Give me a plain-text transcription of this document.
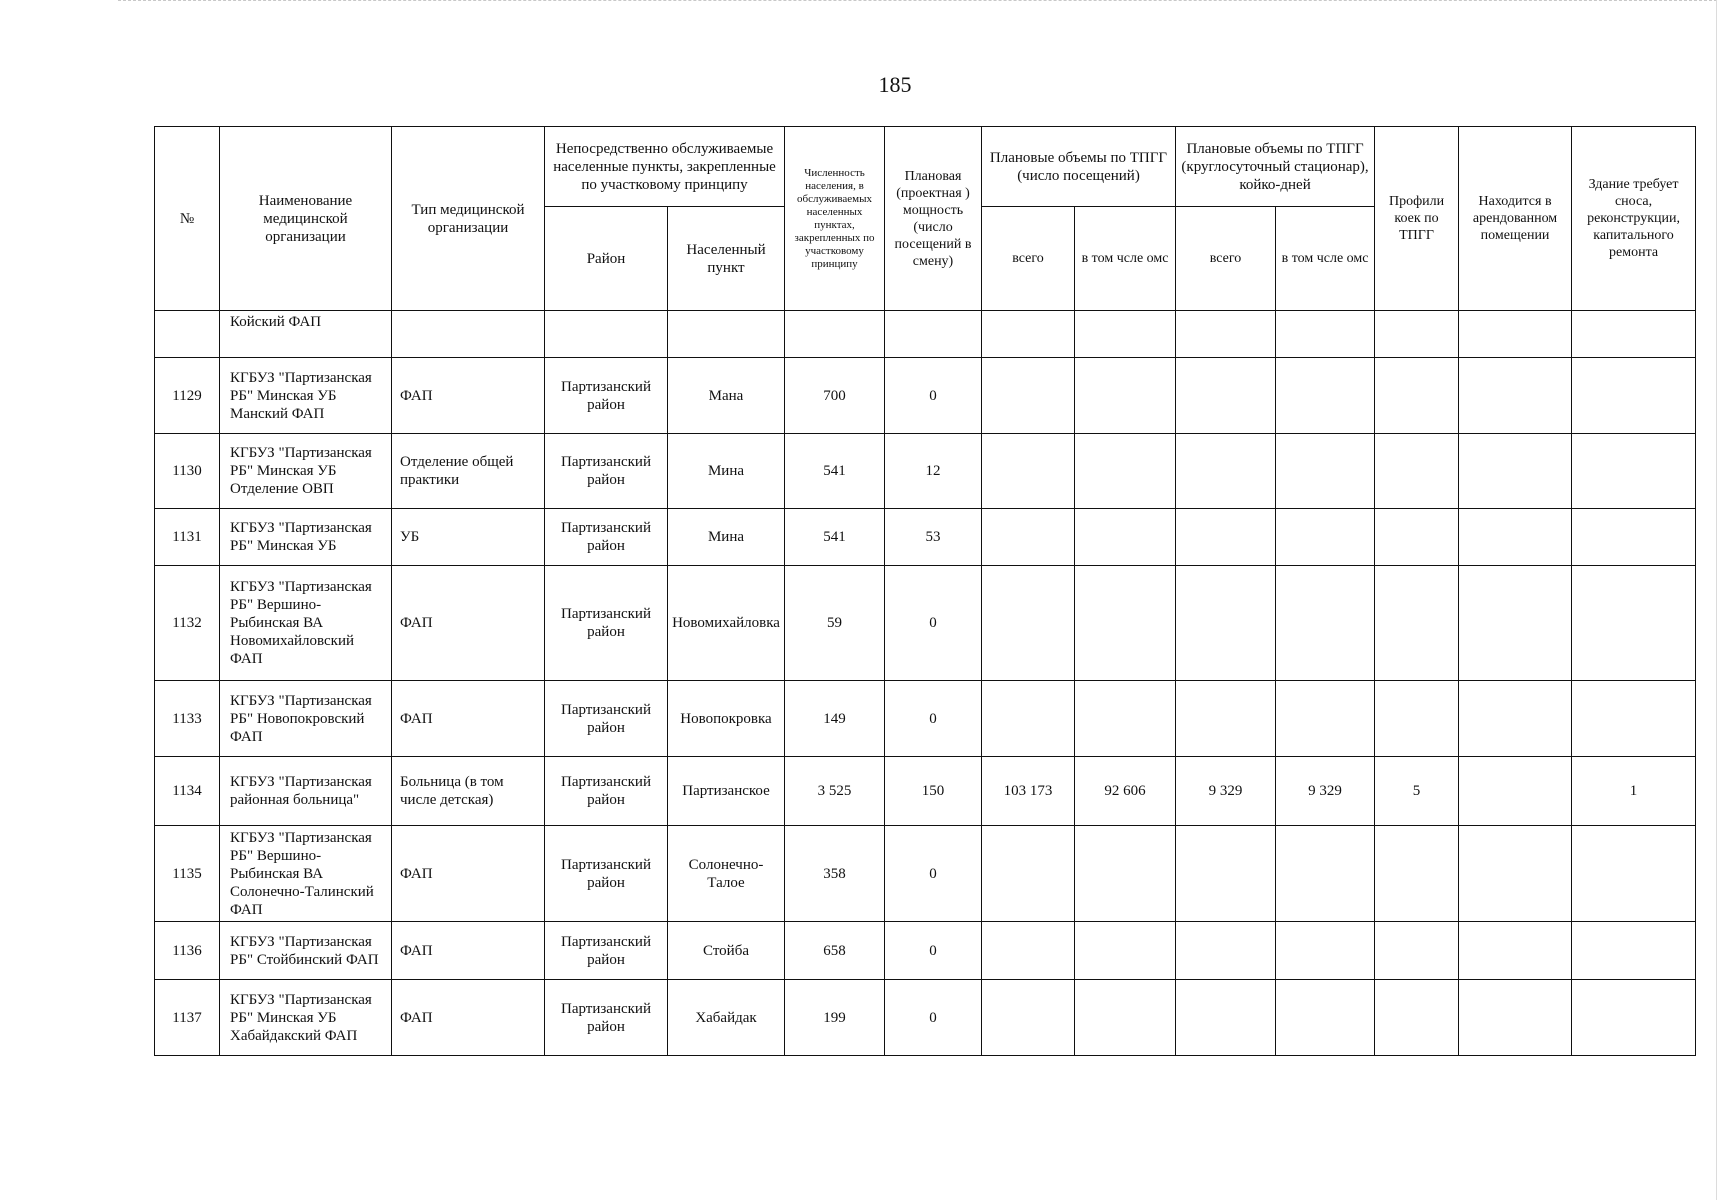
185
№	Наименование медицинской организации	Тип медицинской организации	Непосредственно обслуживаемые населенные пункты, закрепленные по участковому принципу		Численность населения, в обслуживаемых населенных пунктах, закрепленных по участковому принципу	Плановая (проектная ) мощность (число посещений в смену)	Плановые объемы по ТПГГ (число посещений)		Плановые объемы по ТПГГ (круглосуточный стационар), койко-дней		Профили коек по ТПГГ	Находится в арендованном помещении	Здание требует сноса, реконструкции, капитального ремонта
			Район	Населенный пункт			всего	в том чсле омс	всего	в том чсле омс			
	Койский ФАП												
1129	КГБУЗ "Партизанская РБ" Минская УБ Манский ФАП	ФАП	Партизанский район	Мана	700	0							
1130	КГБУЗ "Партизанская РБ" Минская УБ Отделение ОВП	Отделение общей практики	Партизанский район	Мина	541	12							
1131	КГБУЗ "Партизанская РБ" Минская УБ	УБ	Партизанский район	Мина	541	53							
1132	КГБУЗ "Партизанская РБ" Вершино-Рыбинская ВА Новомихайловский ФАП	ФАП	Партизанский район	Новомихайловка	59	0							
1133	КГБУЗ "Партизанская РБ" Новопокровский ФАП	ФАП	Партизанский район	Новопокровка	149	0							
1134	КГБУЗ "Партизанская районная больница"	Больница (в том числе детская)	Партизанский район	Партизанское	3 525	150	103 173	92 606	9 329	9 329	5		1
1135	КГБУЗ "Партизанская РБ" Вершино-Рыбинская ВА Солонечно-Талинский ФАП	ФАП	Партизанский район	Солонечно-Талое	358	0							
1136	КГБУЗ "Партизанская РБ" Стойбинский ФАП	ФАП	Партизанский район	Стойба	658	0							
1137	КГБУЗ "Партизанская РБ" Минская УБ Хабайдакский ФАП	ФАП	Партизанский район	Хабайдак	199	0							
